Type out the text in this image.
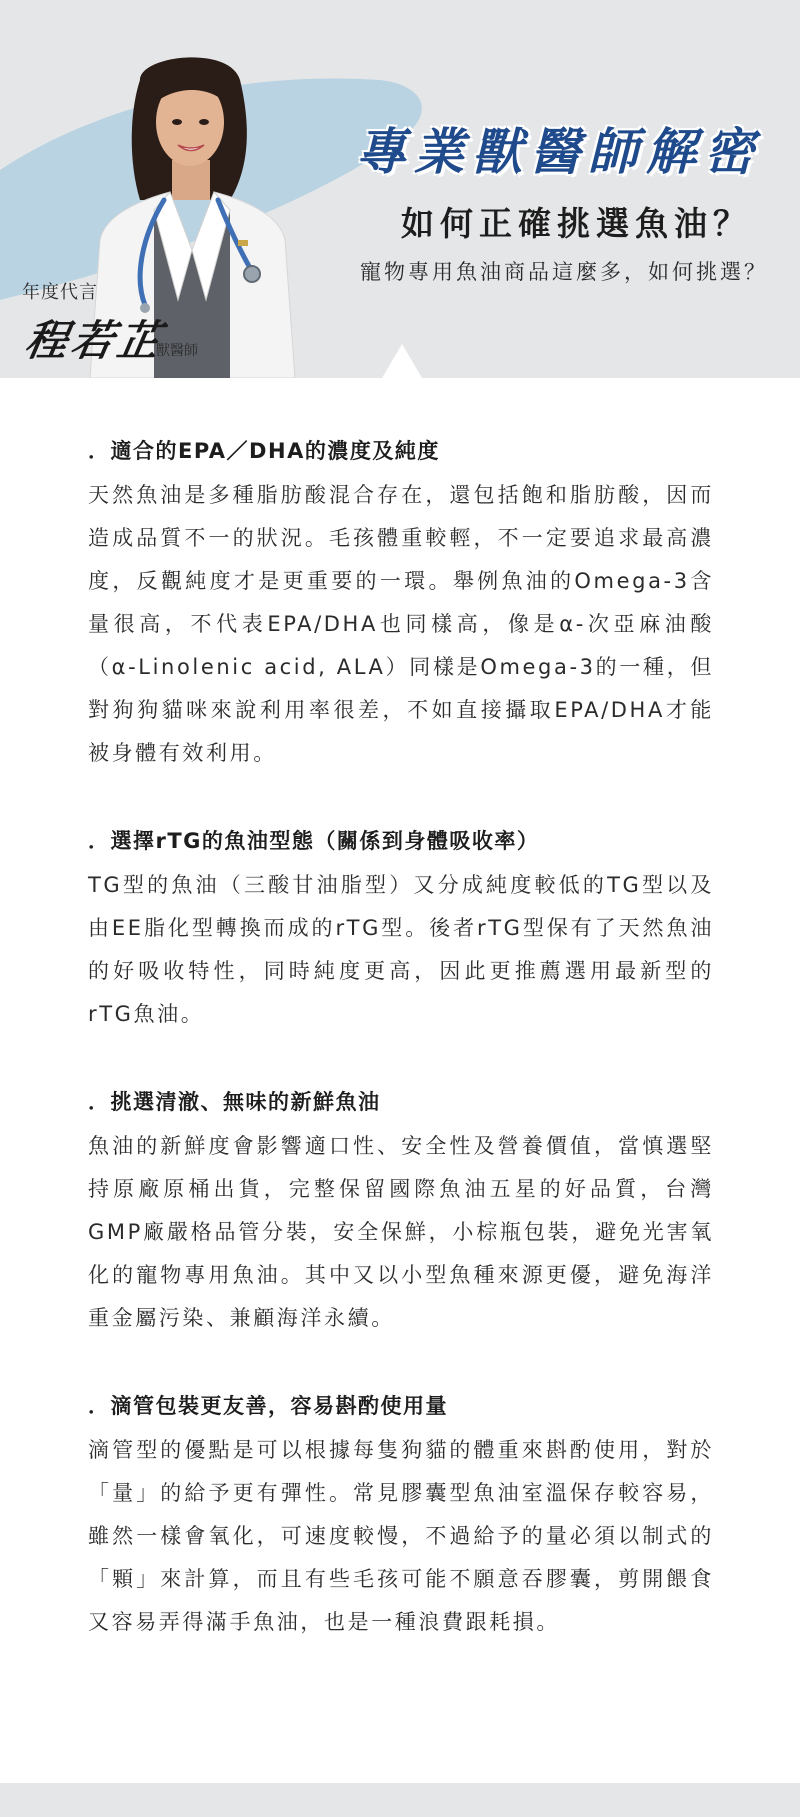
專業獸醫師解密
如何正確挑選魚油？
寵物專用魚油商品這麼多，如何挑選？
年度代言
程若芷
獸醫師
．適合的EPA／DHA的濃度及純度

天然魚油是多種脂肪酸混合存在，還包括飽和脂肪酸，因而造成品質不一的狀況。毛孩體重較輕，不一定要追求最高濃度，反觀純度才是更重要的一環。舉例魚油的Omega-3含量很高，不代表EPA/DHA也同樣高，像是α-次亞麻油酸（α-Linolenic acid, ALA）同樣是Omega-3的一種，但對狗狗貓咪來說利用率很差，不如直接攝取EPA/DHA才能被身體有效利用。

．選擇rTG的魚油型態（關係到身體吸收率）

TG型的魚油（三酸甘油脂型）又分成純度較低的TG型以及由EE脂化型轉換而成的rTG型。後者rTG型保有了天然魚油的好吸收特性，同時純度更高，因此更推薦選用最新型的rTG魚油。

．挑選清澈、無味的新鮮魚油

魚油的新鮮度會影響適口性、安全性及營養價值，當慎選堅持原廠原桶出貨，完整保留國際魚油五星的好品質，台灣GMP廠嚴格品管分裝，安全保鮮，小棕瓶包裝，避免光害氧化的寵物專用魚油。其中又以小型魚種來源更優，避免海洋重金屬污染、兼顧海洋永續。

．滴管包裝更友善，容易斟酌使用量

滴管型的優點是可以根據每隻狗貓的體重來斟酌使用，對於「量」的給予更有彈性。常見膠囊型魚油室溫保存較容易，雖然一樣會氧化，可速度較慢，不過給予的量必須以制式的「顆」來計算，而且有些毛孩可能不願意吞膠囊，剪開餵食又容易弄得滿手魚油，也是一種浪費跟耗損。
